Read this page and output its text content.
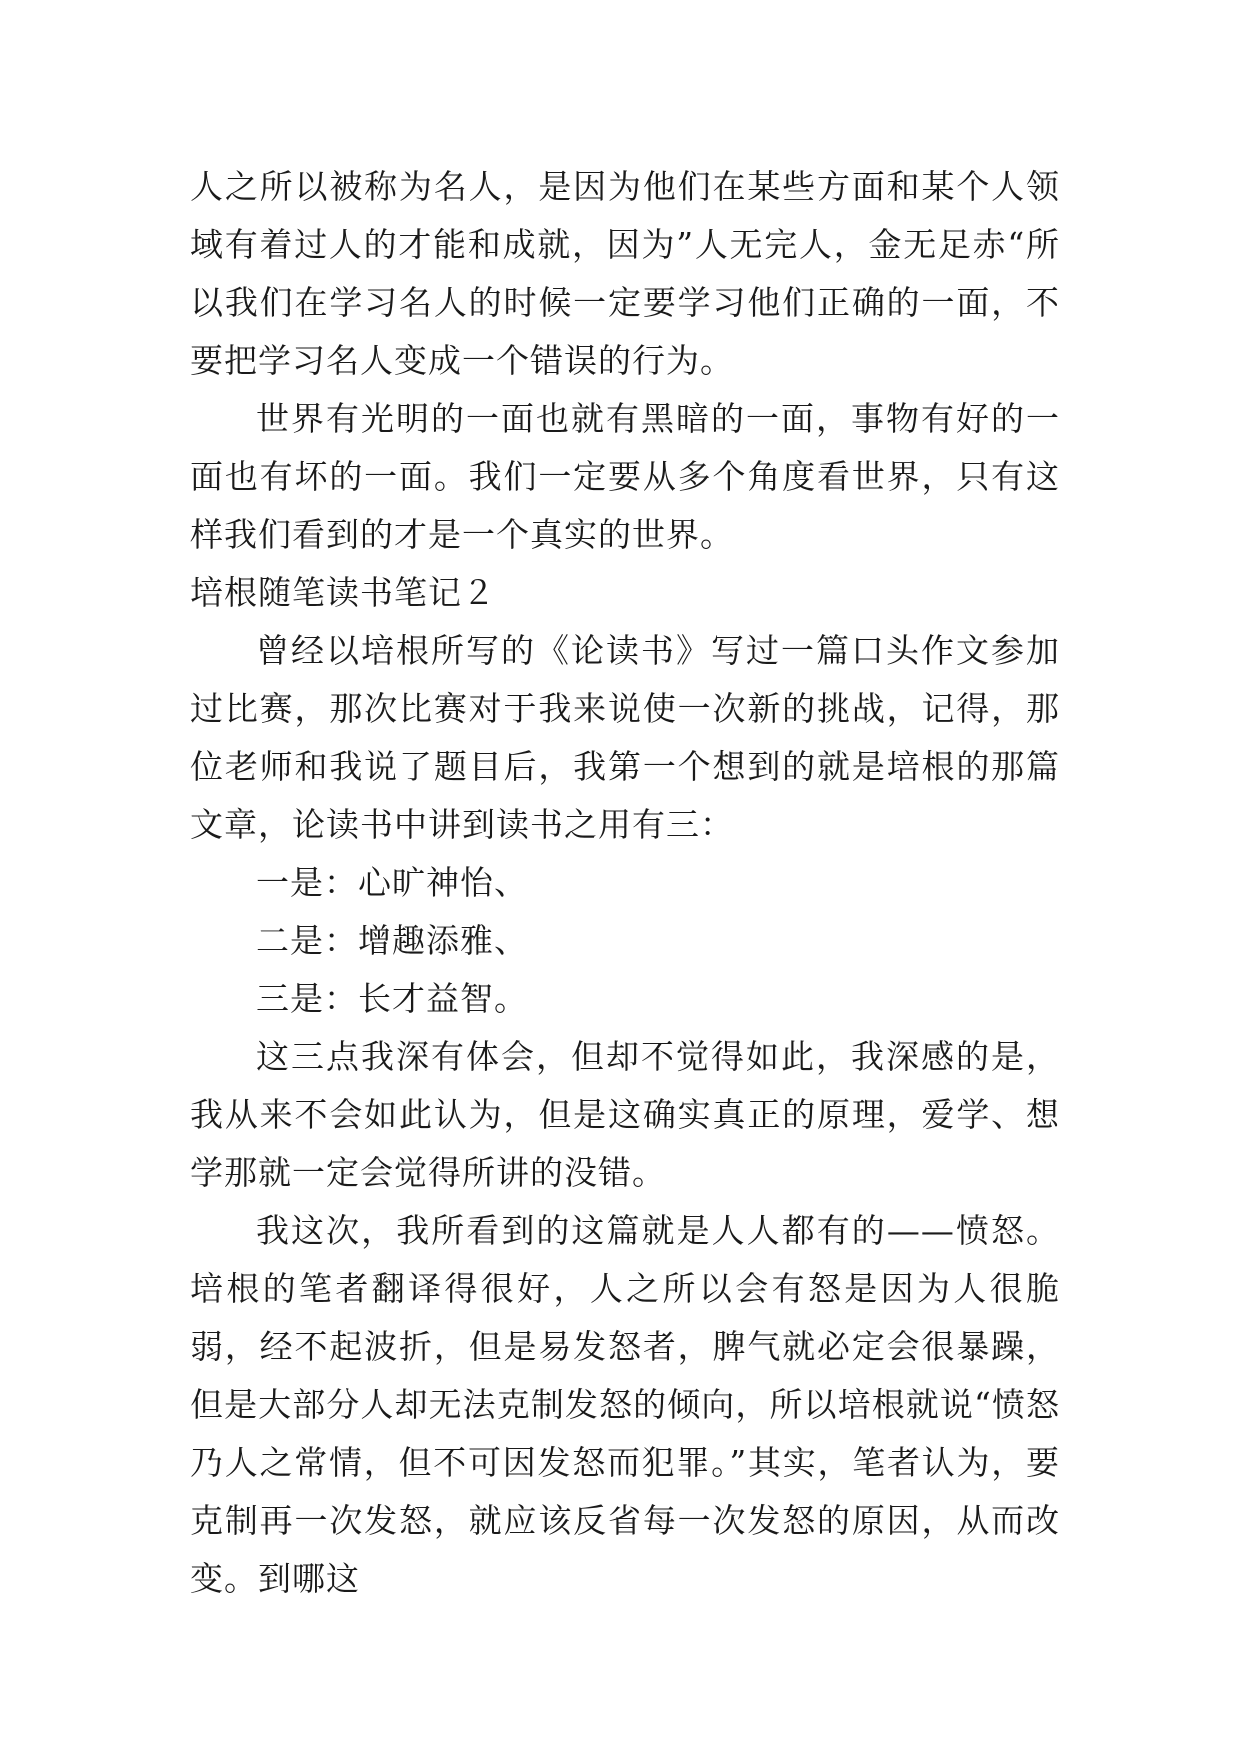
人之所以被称为名人，是因为他们在某些方面和某个人领域有着过人的才能和成就，因为”人无完人，金无足赤“所以我们在学习名人的时候一定要学习他们正确的一面，不要把学习名人变成一个错误的行为。

世界有光明的一面也就有黑暗的一面，事物有好的一面也有坏的一面。我们一定要从多个角度看世界，只有这样我们看到的才是一个真实的世界。

培根随笔读书笔记２

曾经以培根所写的《论读书》写过一篇口头作文参加过比赛，那次比赛对于我来说使一次新的挑战，记得，那位老师和我说了题目后，我第一个想到的就是培根的那篇文章，论读书中讲到读书之用有三：

一是：心旷神怡、

二是：增趣添雅、

三是：长才益智。

这三点我深有体会，但却不觉得如此，我深感的是，我从来不会如此认为，但是这确实真正的原理，爱学、想学那就一定会觉得所讲的没错。

我这次，我所看到的这篇就是人人都有的——愤怒。培根的笔者翻译得很好，人之所以会有怒是因为人很脆弱，经不起波折，但是易发怒者，脾气就必定会很暴躁，但是大部分人却无法克制发怒的倾向，所以培根就说“愤怒乃人之常情，但不可因发怒而犯罪。”其实，笔者认为，要克制再一次发怒，就应该反省每一次发怒的原因，从而改变。到哪这
